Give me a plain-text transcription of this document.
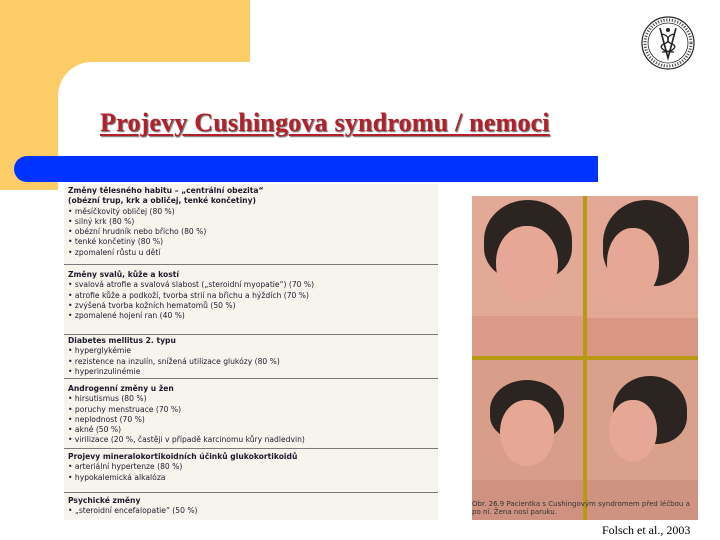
Projevy Cushingova syndromu / nemoci
Změny tělesného habitu – „centrální obezita“
(obézní trup, krk a obličej, tenké končetiny)
• měsíčkovitý obličej (80 %)
• silný krk (80 %)
• obézní hrudník nebo břicho (80 %)
• tenké končetiny (80 %)
• zpomalení růstu u dětí
Změny svalů, kůže a kostí
• svalová atrofie a svalová slabost („steroidní myopatie“) (70 %)
• atrofie kůže a podkoží, tvorba strií na břichu a hýždích (70 %)
• zvýšená tvorba kožních hematomů (50 %)
• zpomalené hojení ran (40 %)
Diabetes mellitus 2. typu
• hyperglykémie
• rezistence na inzulín, snížená utilizace glukózy (80 %)
• hyperinzulinémie
Androgenní změny u žen
• hirsutismus (80 %)
• poruchy menstruace (70 %)
• neplodnost (70 %)
• akné (50 %)
• virilizace (20 %, častěji v případě karcinomu kůry nadledvin)
Projevy mineralokortikoidních účinků glukokortikoidů
• arteriální hypertenze (80 %)
• hypokalemická alkalóza
Psychické změny
• „steroidní encefalopatie“ (50 %)
Obr. 26.9 Pacientka s Cushingovým syndromem před léčbou a po ní. Žena nosí paruku.
Folsch et al., 2003
